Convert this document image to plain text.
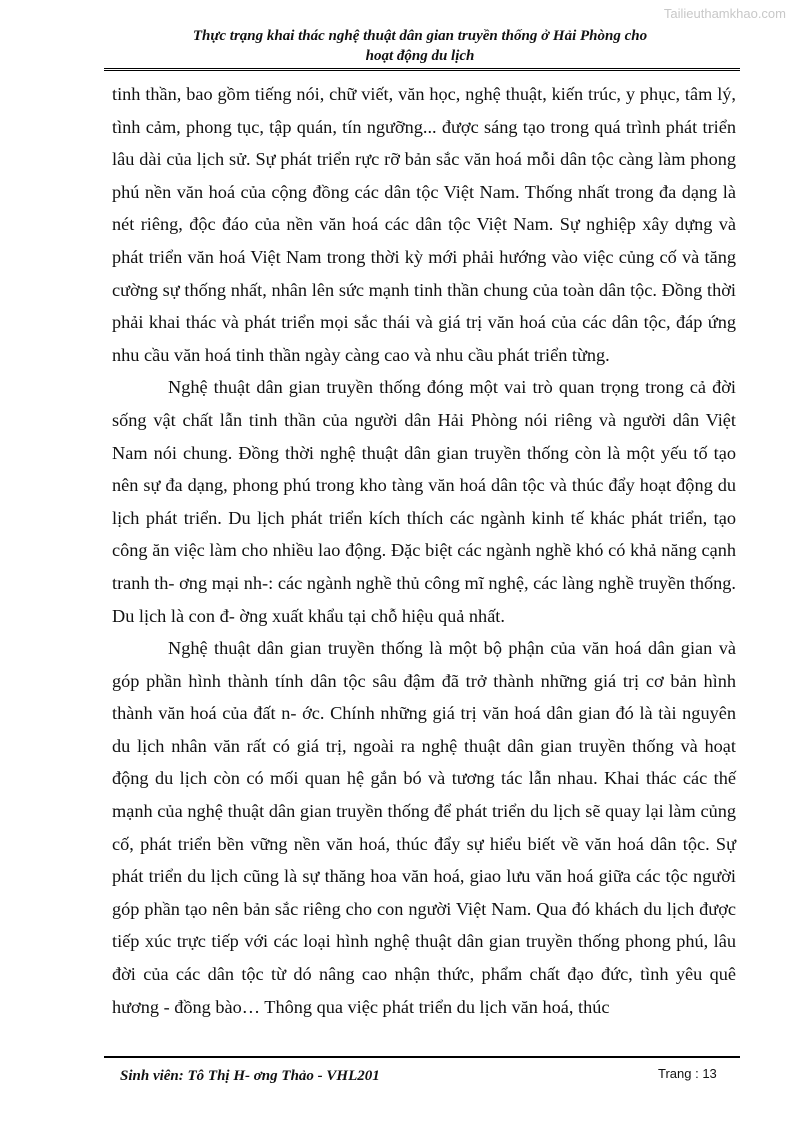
Tailieuthamkhao.com
Thực trạng khai thác nghệ thuật dân gian truyền thống ở Hải Phòng cho
hoạt động du lịch

tinh thần, bao gồm tiếng nói, chữ viết, văn học, nghệ thuật, kiến trúc, y phục, tâm lý, tình cảm, phong tục, tập quán, tín ngưỡng... được sáng tạo trong quá trình phát triển lâu dài của lịch sử. Sự phát triển rực rỡ bản sắc văn hoá mỗi dân tộc càng làm phong phú nền văn hoá của cộng đồng các dân tộc Việt Nam. Thống nhất trong đa dạng là nét riêng, độc đáo của nền văn hoá các dân tộc Việt Nam. Sự nghiệp xây dựng và phát triển văn hoá Việt Nam trong thời kỳ mới phải hướng vào việc củng cố và tăng cường sự thống nhất, nhân lên sức mạnh tinh thần chung của toàn dân tộc. Đồng thời phải khai thác và phát triển mọi sắc thái và giá trị văn hoá của các dân tộc, đáp ứng nhu cầu văn hoá tinh thần ngày càng cao và nhu cầu phát triển từng.

Nghệ thuật dân gian truyền thống đóng một vai trò quan trọng trong cả đời sống vật chất lẫn tinh thần của người dân Hải Phòng nói riêng và người dân Việt Nam nói chung. Đồng thời nghệ thuật dân gian truyền thống còn là một yếu tố tạo nên sự đa dạng, phong phú trong kho tàng văn hoá dân tộc và thúc đẩy hoạt động du lịch phát triển. Du lịch phát triển kích thích các ngành kinh tế khác phát triển, tạo công ăn việc làm cho nhiều lao động. Đặc biệt các ngành nghề khó có khả năng cạnh tranh th- ơng mại nh-: các ngành nghề thủ công mĩ nghệ, các làng nghề truyền thống. Du lịch là con đ- ờng xuất khẩu tại chỗ hiệu quả nhất.

Nghệ thuật dân gian truyền thống là một bộ phận của văn hoá dân gian và góp phần hình thành tính dân tộc sâu đậm đã trở thành những giá trị cơ bản hình thành văn hoá của đất n- ớc. Chính những giá trị văn hoá dân gian đó là tài nguyên du lịch nhân văn rất có giá trị, ngoài ra nghệ thuật dân gian truyền thống và hoạt động du lịch còn có mối quan hệ gắn bó và tương tác lẫn nhau. Khai thác các thế mạnh của nghệ thuật dân gian truyền thống để phát triển du lịch sẽ quay lại làm củng cố, phát triển bền vững nền văn hoá, thúc đẩy sự hiểu biết về văn hoá dân tộc. Sự phát triển du lịch cũng là sự thăng hoa văn hoá, giao lưu văn hoá giữa các tộc người góp phần tạo nên bản sắc riêng cho con người Việt Nam. Qua đó khách du lịch được tiếp xúc trực tiếp với các loại hình nghệ thuật dân gian truyền thống phong phú, lâu đời của các dân tộc từ dó nâng cao nhận thức, phẩm chất đạo đức, tình yêu quê hương - đồng bào… Thông qua việc phát triển du lịch văn hoá, thúc

Sinh viên: Tô Thị H- ơng Thảo - VHL201	Trang : 13
